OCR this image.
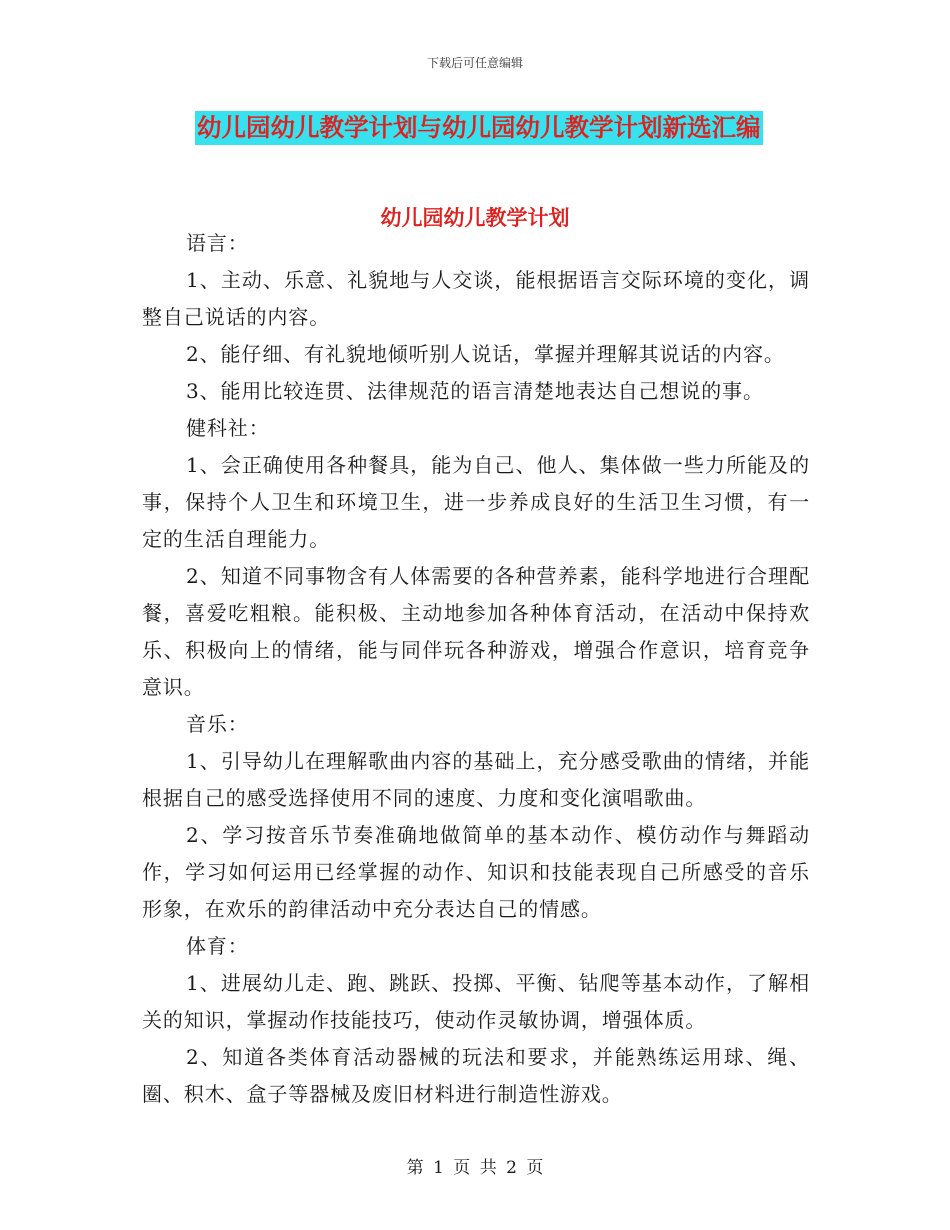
下载后可任意编辑
幼儿园幼儿教学计划与幼儿园幼儿教学计划新选汇编
幼儿园幼儿教学计划

语言：

1、主动、乐意、礼貌地与人交谈，能根据语言交际环境的变化，调整自己说话的内容。

2、能仔细、有礼貌地倾听别人说话，掌握并理解其说话的内容。

3、能用比较连贯、法律规范的语言清楚地表达自己想说的事。

健科社：

1、会正确使用各种餐具，能为自己、他人、集体做一些力所能及的事，保持个人卫生和环境卫生，进一步养成良好的生活卫生习惯，有一定的生活自理能力。

2、知道不同事物含有人体需要的各种营养素，能科学地进行合理配餐，喜爱吃粗粮。能积极、主动地参加各种体育活动，在活动中保持欢乐、积极向上的情绪，能与同伴玩各种游戏，增强合作意识，培育竞争意识。

音乐：

1、引导幼儿在理解歌曲内容的基础上，充分感受歌曲的情绪，并能根据自己的感受选择使用不同的速度、力度和变化演唱歌曲。

2、学习按音乐节奏准确地做简单的基本动作、模仿动作与舞蹈动作，学习如何运用已经掌握的动作、知识和技能表现自己所感受的音乐形象，在欢乐的韵律活动中充分表达自己的情感。

体育：

1、进展幼儿走、跑、跳跃、投掷、平衡、钻爬等基本动作，了解相关的知识，掌握动作技能技巧，使动作灵敏协调，增强体质。

2、知道各类体育活动器械的玩法和要求，并能熟练运用球、绳、圈、积木、盒子等器械及废旧材料进行制造性游戏。

第 1 页 共 2 页
